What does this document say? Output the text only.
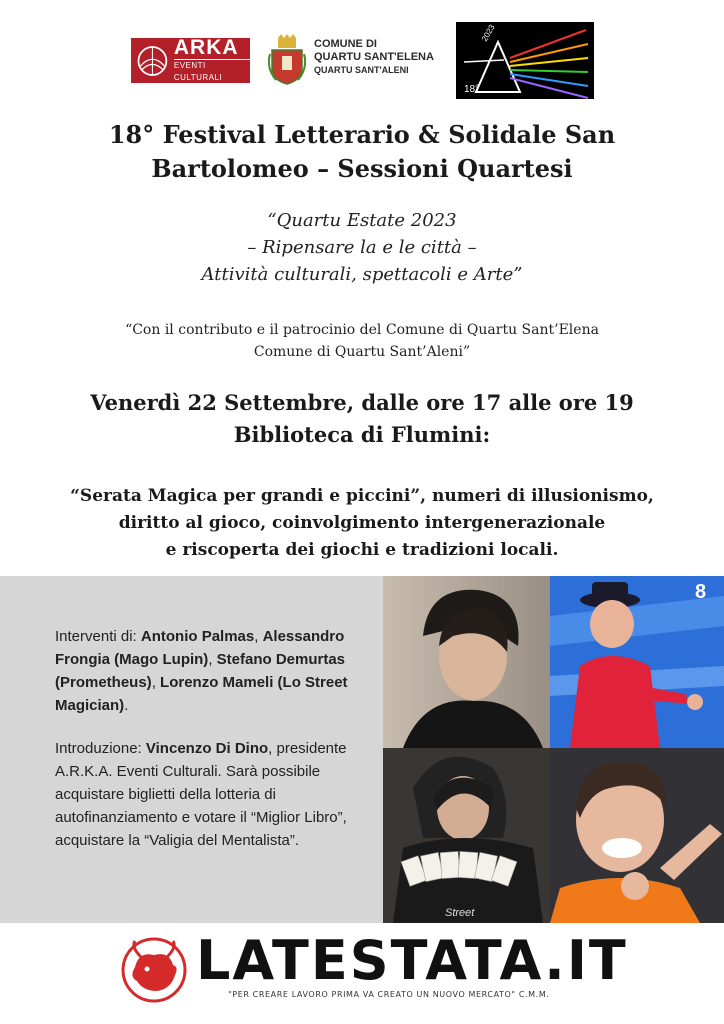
ARKA
EVENTI CULTURALI
COMUNE DI
QUARTU SANT'ELENA
QUARTU SANT'ALENI
18°
2023
18° Festival Letterario & Solidale San
Bartolomeo – Sessioni Quartesi
“Quartu Estate 2023
– Ripensare la e le città –
Attività culturali, spettacoli e Arte”
“Con il contributo e il patrocinio del Comune di Quartu Sant’Elena
Comune di Quartu Sant’Aleni”
Venerdì 22 Settembre, dalle ore 17 alle ore 19
Biblioteca di Flumini:
“Serata Magica per grandi e piccini”, numeri di illusionismo,
diritto al gioco, coinvolgimento intergenerazionale
e riscoperta dei giochi e tradizioni locali.

Interventi di: Antonio Palmas, Alessandro Frongia (Mago Lupin), Stefano Demurtas (Prometheus), Lorenzo Mameli (Lo Street Magician).

Introduzione: Vincenzo Di Dino, presidente A.R.K.A. Eventi Culturali. Sarà possibile acquistare biglietti della lotteria di autofinanziamento e votare il “Miglior Libro”, acquistare la “Valigia del Mentalista”.

8
Street
LATESTATA.IT
"PER CREARE LAVORO PRIMA VA CREATO UN NUOVO MERCATO" C.M.M.
